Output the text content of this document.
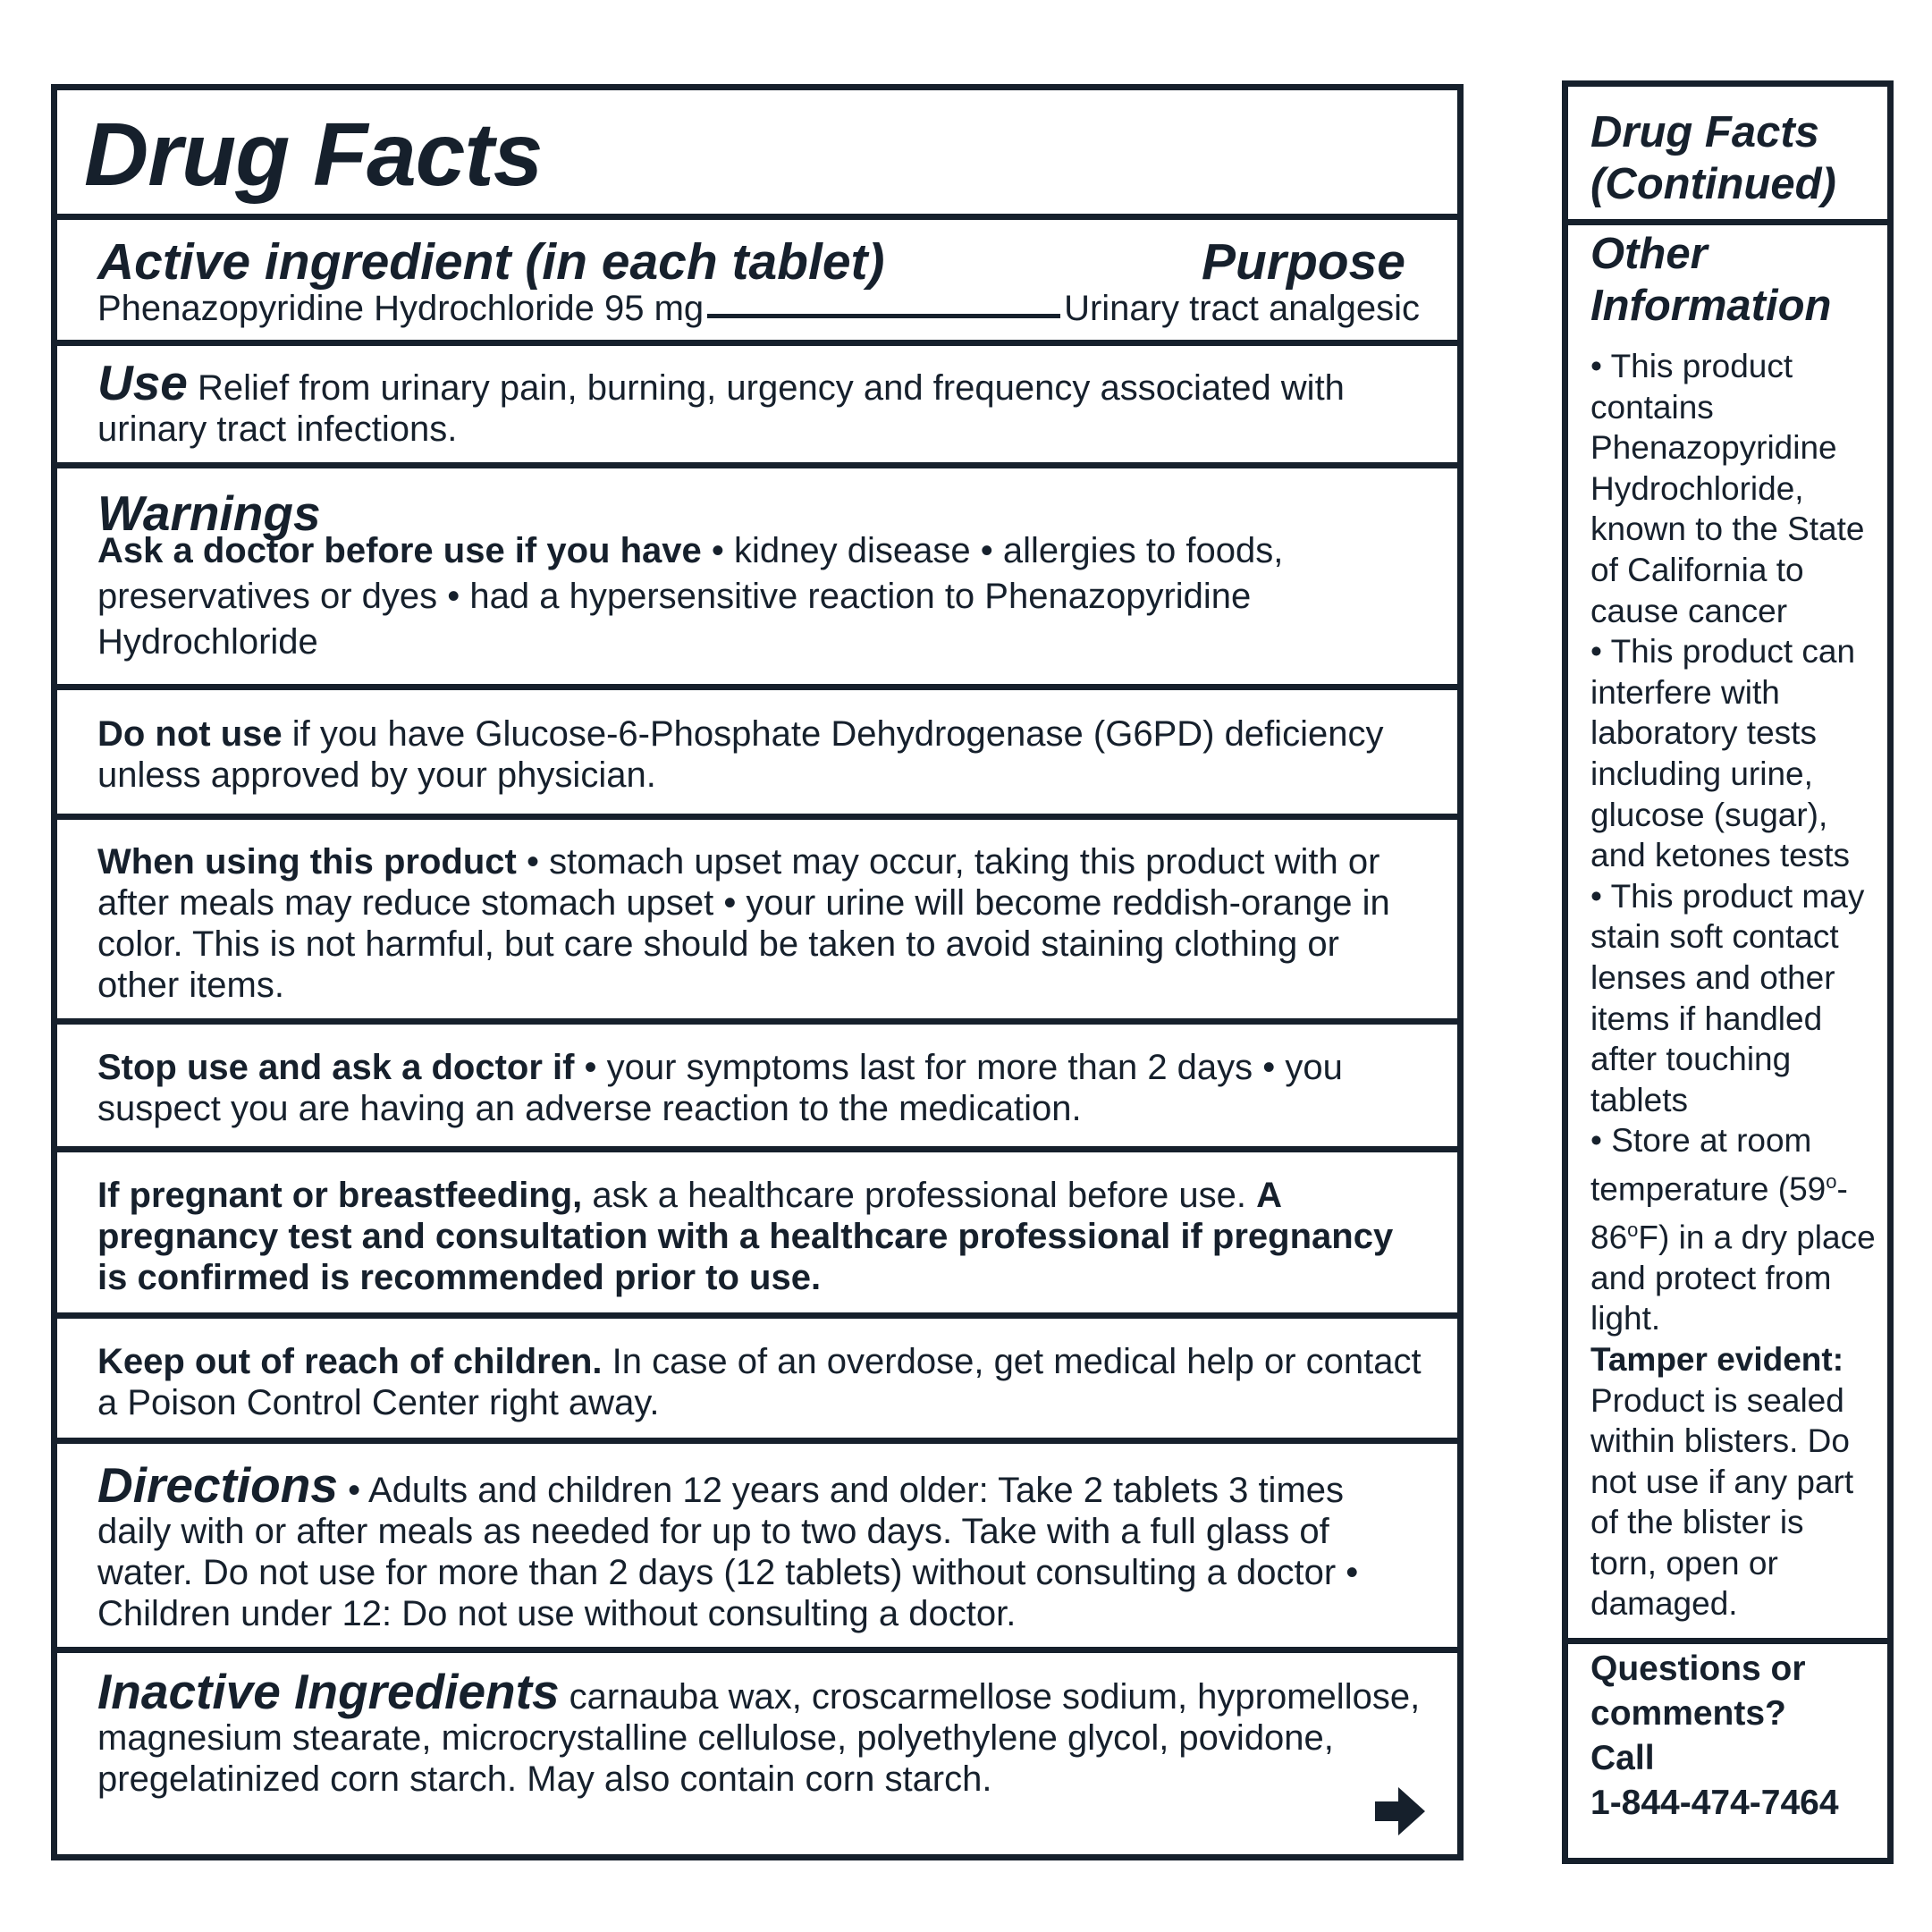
Drug Facts
Active ingredient (in each tablet)	Purpose
Phenazopyridine Hydrochloride 95 mg	Urinary tract analgesic
Use Relief from urinary pain, burning, urgency and frequency associated with urinary tract infections.
Warnings
Ask a doctor before use if you have • kidney disease • allergies to foods, preservatives or dyes • had a hypersensitive reaction to Phenazopyridine Hydrochloride
Do not use if you have Glucose-6-Phosphate Dehydrogenase (G6PD) deficiency unless approved by your physician.
When using this product • stomach upset may occur, taking this product with or after meals may reduce stomach upset • your urine will become reddish-orange in color. This is not harmful, but care should be taken to avoid staining clothing or other items.
Stop use and ask a doctor if • your symptoms last for more than 2 days • you suspect you are having an adverse reaction to the medication.
If pregnant or breastfeeding, ask a healthcare professional before use. A pregnancy test and consultation with a healthcare professional if pregnancy is confirmed is recommended prior to use.
Keep out of reach of children. In case of an overdose, get medical help or contact a Poison Control Center right away.
Directions • Adults and children 12 years and older: Take 2 tablets 3 times daily with or after meals as needed for up to two days. Take with a full glass of water. Do not use for more than 2 days (12 tablets) without consulting a doctor • Children under 12: Do not use without consulting a doctor.
Inactive Ingredients carnauba wax, croscarmellose sodium, hypromellose, magnesium stearate, microcrystalline cellulose, polyethylene glycol, povidone, pregelatinized corn starch. May also contain corn starch.
Drug Facts
(Continued)
Other
Information
• This product contains Phenazopyridine Hydrochloride, known to the State of California to cause cancer
• This product can interfere with laboratory tests including urine, glucose (sugar), and ketones tests
• This product may stain soft contact lenses and other items if handled after touching tablets
• Store at room temperature (59$^o$-86$^o$F) in a dry place and protect from light.
Tamper evident: Product is sealed within blisters. Do not use if any part of the blister is torn, open or damaged.
Questions or
comments?
Call
1-844-474-7464
